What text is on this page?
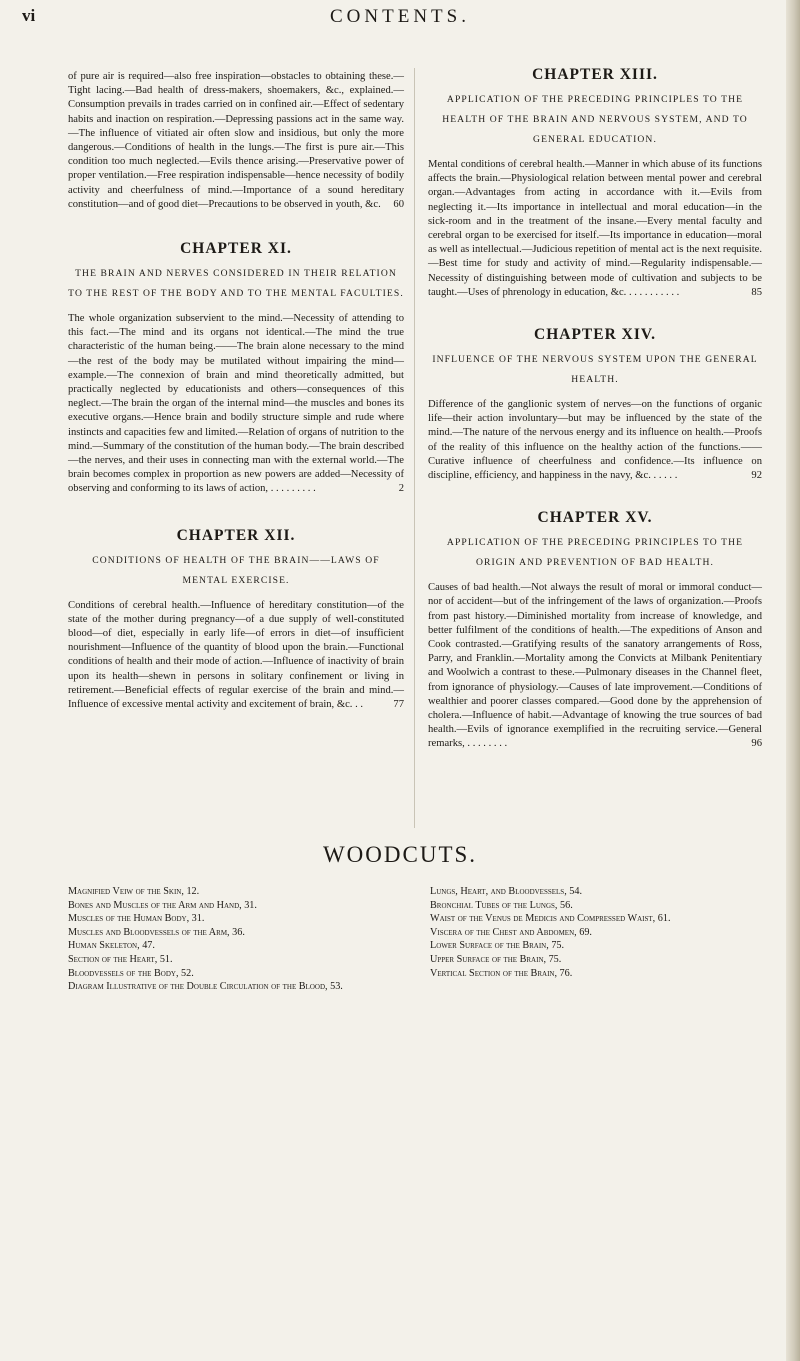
vi	CONTENTS.

of pure air is required—also free inspiration—obstacles to obtaining these.—Tight lacing.—Bad health of dress-makers, shoemakers, &c., explained.—Consumption prevails in trades carried on in confined air.—Effect of sedentary habits and inaction on respiration.—Depressing passions act in the same way.—The influence of vitiated air often slow and insidious, but only the more dangerous.—Conditions of health in the lungs.—The first is pure air.—This condition too much neglected.—Evils thence arising.—Preservative power of proper ventilation.—Free respiration indispensable—hence necessity of bodily activity and cheerfulness of mind.—Importance of a sound hereditary constitution—and of good diet—Precautions to be observed in youth, &c. 60

CHAPTER XI.
THE BRAIN AND NERVES CONSIDERED IN THEIR RELATION TO THE REST OF THE BODY AND TO THE MENTAL FACULTIES.

The whole organization subservient to the mind.—Necessity of attending to this fact.—The mind and its organs not identical.—The mind the true characteristic of the human being.——The brain alone necessary to the mind—the rest of the body may be mutilated without impairing the mind—example.—The connexion of brain and mind theoretically admitted, but practically neglected by educationists and others—consequences of this neglect.—The brain the organ of the internal mind—the muscles and bones its executive organs.—Hence brain and bodily structure simple and rude where instincts and capacities few and limited.—Relation of organs of nutrition to the mind.—Summary of the constitution of the human body.—The brain described—the nerves, and their uses in connecting man with the external world.—The brain becomes complex in proportion as new powers are added—Necessity of observing and conforming to its laws of action, . . . . . . . . .	2

CHAPTER XII.
CONDITIONS OF HEALTH OF THE BRAIN——LAWS OF MENTAL EXERCISE.

Conditions of cerebral health.—Influence of hereditary constitution—of the state of the mother during pregnancy—of a due supply of well-constituted blood—of diet, especially in early life—of errors in diet—of insufficient nourishment—Influence of the quantity of blood upon the brain.—Functional conditions of health and their mode of action.—Influence of inactivity of brain upon its health—shewn in persons in solitary confinement or living in retirement.—Beneficial effects of regular exercise of the brain and mind.—Influence of excessive mental activity and excitement of brain, &c. . .	77

CHAPTER XIII.
APPLICATION OF THE PRECEDING PRINCIPLES TO THE HEALTH OF THE BRAIN AND NERVOUS SYSTEM, AND TO GENERAL EDUCATION.

Mental conditions of cerebral health.—Manner in which abuse of its functions affects the brain.—Physiological relation between mental power and cerebral organ.—Advantages from acting in accordance with it.—Evils from neglecting it.—Its importance in intellectual and moral education—in the sick-room and in the treatment of the insane.—Every mental faculty and cerebral organ to be exercised for itself.—Its importance in education—moral as well as intellectual.—Judicious repetition of mental act is the next requisite.—Best time for study and activity of mind.—Regularity indispensable.—Necessity of distinguishing between mode of cultivation and subjects to be taught.—Uses of phrenology in education, &c. . . . . . . . . . .	85

CHAPTER XIV.
INFLUENCE OF THE NERVOUS SYSTEM UPON THE GENERAL HEALTH.

Difference of the ganglionic system of nerves—on the functions of organic life—their action involuntary—but may be influenced by the state of the mind.—The nature of the nervous energy and its influence on health.—Proofs of the reality of this influence on the healthy action of the functions.——Curative influence of cheerfulness and confidence.—Its influence on discipline, efficiency, and happiness in the navy, &c. . . . . .	92

CHAPTER XV.
APPLICATION OF THE PRECEDING PRINCIPLES TO THE ORIGIN AND PREVENTION OF BAD HEALTH.

Causes of bad health.—Not always the result of moral or immoral conduct—nor of accident—but of the infringement of the laws of organization.—Proofs from past history.—Diminished mortality from increase of knowledge, and better fulfilment of the conditions of health.—The expeditions of Anson and Cook contrasted.—Gratifying results of the sanatory arrangements of Ross, Parry, and Franklin.—Mortality among the Convicts at Milbank Penitentiary and Woolwich a contrast to these.—Pulmonary diseases in the Channel fleet, from ignorance of physiology.—Causes of late improvement.—Conditions of wealthier and poorer classes compared.—Good done by the apprehension of cholera.—Influence of habit.—Advantage of knowing the true sources of bad health.—Evils of ignorance exemplified in the recruiting service.—General remarks, . . . . . . . .	96

WOODCUTS.
Magnified Veiw of the Skin, 12.
Bones and Muscles of the Arm and Hand, 31.
Muscles of the Human Body, 31.
Muscles and Bloodvessels of the Arm, 36.
Human Skeleton, 47.
Section of the Heart, 51.
Bloodvessels of the Body, 52.
Diagram Illustrative of the Double Circulation of the Blood, 53.
Lungs, Heart, and Bloodvessels, 54.
Bronchial Tubes of the Lungs, 56.
Waist of the Venus de Medicis and Compressed Waist, 61.
Viscera of the Chest and Abdomen, 69.
Lower Surface of the Brain, 75.
Upper Surface of the Brain, 75.
Vertical Section of the Brain, 76.
